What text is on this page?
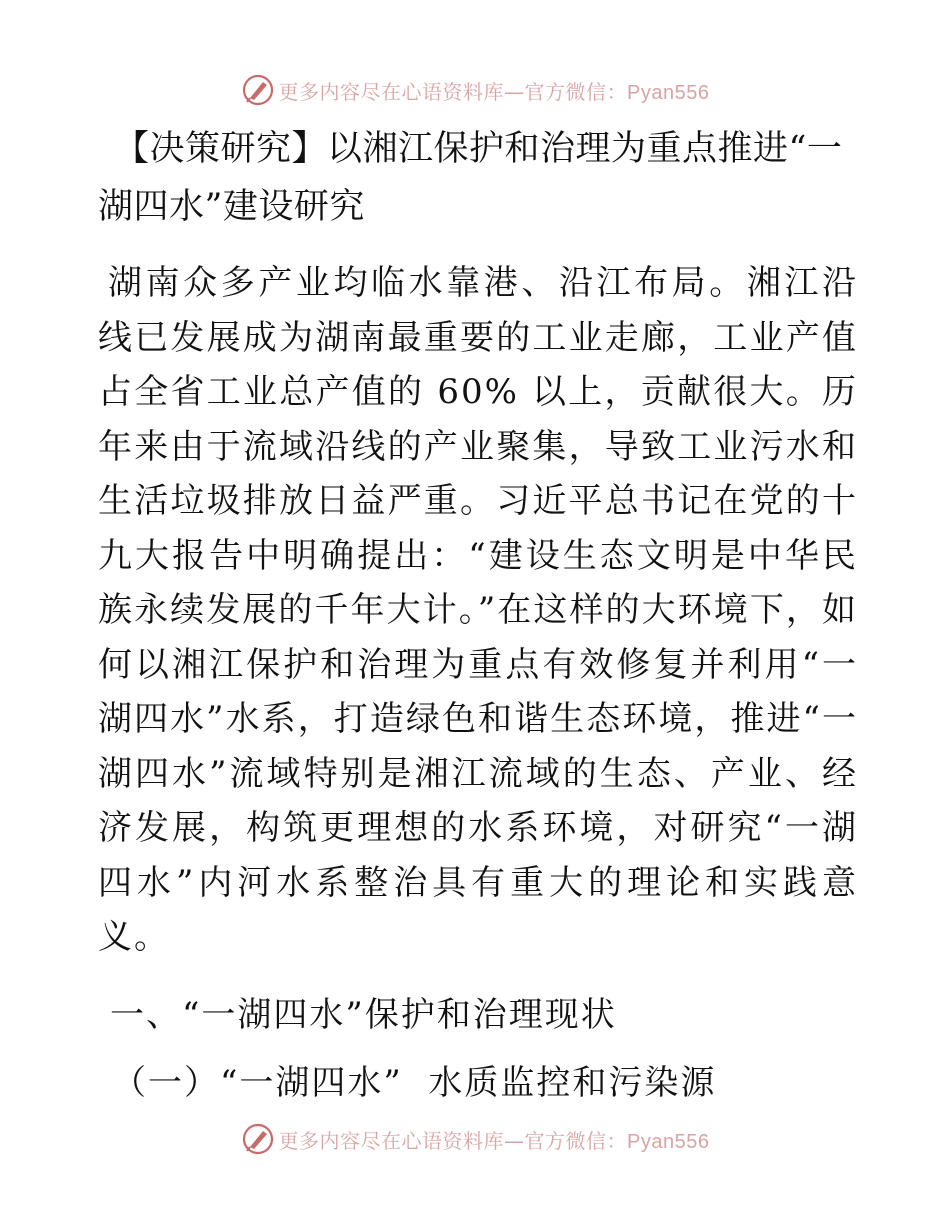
更多内容尽在心语资料库—官方微信：Pyan556
【决策研究】以湘江保护和治理为重点推进“一湖四水”建设研究

湖南众多产业均临水靠港、沿江布局。湘江沿线已发展成为湖南最重要的工业走廊，工业产值占全省工业总产值的 60% 以上，贡献很大。历年来由于流域沿线的产业聚集，导致工业污水和生活垃圾排放日益严重。习近平总书记在党的十九大报告中明确提出：“建设生态文明是中华民族永续发展的千年大计。”在这样的大环境下，如何以湘江保护和治理为重点有效修复并利用“一湖四水”水系，打造绿色和谐生态环境，推进“一湖四水”流域特别是湘江流域的生态、产业、经济发展，构筑更理想的水系环境，对研究“一湖四水”内河水系整治具有重大的理论和实践意义。

一、“一湖四水”保护和治理现状
（一）“一湖四水”  水质监控和污染源
更多内容尽在心语资料库—官方微信：Pyan556
